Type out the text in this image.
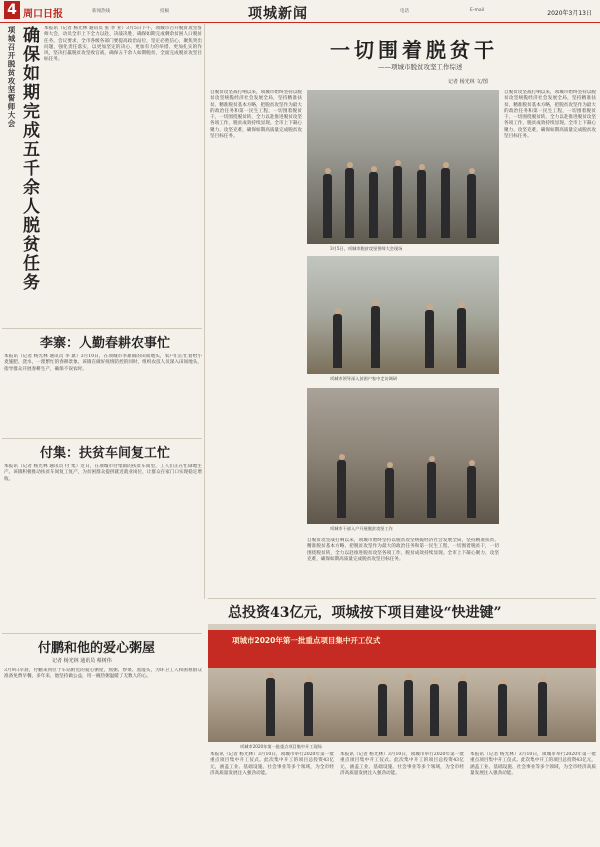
4 周口日报	新闻热线	投稿	项城新闻	电话	E-mail	2020年3月13日
项城召开脱贫攻坚誓师大会 确保如期完成五千余人脱贫任务	本报讯（记者 杨光林 通讯员 张 孝 亚）3月5日下午，项城市召开脱贫攻坚誓师大会，动员全市上下全力以赴、决战决胜，确保如期完成剩余贫困人口脱贫任务。会议要求，全市各级各部门要提高政治站位，坚定必胜信心，聚焦突出问题，强化责任落实，以更加坚定的决心、更加有力的举措、更加扎实的作风，坚决打赢脱贫攻坚收官战，确保五千余人如期脱贫，全面完成脱贫攻坚目标任务。
李寨：人勤春耕农事忙
本报讯（记者 杨光林 通讯员 李 寨）3月10日，在项城市李寨镇的田间地头，农户们正忙着给小麦施肥、浇水，一派繁忙的春耕景象。该镇在做好疫情防控的同时，组织农技人员深入田间地头，指导群众开展春耕生产，确保不误农时。
付集：扶贫车间复工忙
本报讯（记者 杨光林 通讯员 付 集）近日，在项城市付集镇的扶贫车间里，工人们正在忙碌地生产。该镇积极推动扶贫车间复工复产，为贫困群众提供就近就业岗位，让群众在家门口实现稳定增收。
付鹏和他的爱心粥屋
记者 杨光林 通讯员 蔡树伟
3月9日早晨，付鹏来到位于车站附近的爱心粥屋，熬粥、炒菜、蒸馒头，为环卫工人和困难群众准备免费早餐。多年来，他坚持做公益，用一碗热粥温暖了无数人的心。
一切围着脱贫干
——项城市脱贫攻坚工作综述
记者 杨光林 文/图
自脱贫攻坚战打响以来，项城市始终坚持以脱贫攻坚统揽经济社会发展全局，坚持精准扶贫、精准脱贫基本方略，把脱贫攻坚作为最大的政治任务和第一民生工程，一切围着脱贫干，一切围绕脱贫转，全力以赴推进脱贫攻坚各项工作，脱贫成效持续显现。全市上下凝心聚力、攻坚克难，确保如期高质量完成脱贫攻坚目标任务。
3月5日，项城市脱贫攻坚誓师大会现场
自脱贫攻坚战打响以来，项城市始终坚持以脱贫攻坚统揽经济社会发展全局，坚持精准扶贫、精准脱贫基本方略，把脱贫攻坚作为最大的政治任务和第一民生工程，一切围着脱贫干，一切围绕脱贫转，全力以赴推进脱贫攻坚各项工作，脱贫成效持续显现。全市上下凝心聚力、攻坚克难，确保如期高质量完成脱贫攻坚目标任务。
项城市领导深入贫困户家中走访调研
项城市干部入户开展脱贫攻坚工作
自脱贫攻坚战打响以来，项城市始终坚持以脱贫攻坚统揽经济社会发展全局，坚持精准扶贫、精准脱贫基本方略，把脱贫攻坚作为最大的政治任务和第一民生工程，一切围着脱贫干，一切围绕脱贫转，全力以赴推进脱贫攻坚各项工作，脱贫成效持续显现。全市上下凝心聚力、攻坚克难，确保如期高质量完成脱贫攻坚目标任务。
总投资43亿元，项城按下项目建设“快进键”
项城市2020年第一批重点项目集中开工仪式
项城市2020年第一批重点项目集中开工现场
本报讯（记者 杨光林）3月10日，项城市举行2020年第一批重点项目集中开工仪式。此次集中开工的项目总投资43亿元，涵盖工业、基础设施、社会事业等多个领域，为全市经济高质量发展注入强劲动能。
本报讯（记者 杨光林）3月10日，项城市举行2020年第一批重点项目集中开工仪式。此次集中开工的项目总投资43亿元，涵盖工业、基础设施、社会事业等多个领域，为全市经济高质量发展注入强劲动能。
本报讯（记者 杨光林）3月10日，项城市举行2020年第一批重点项目集中开工仪式。此次集中开工的项目总投资43亿元，涵盖工业、基础设施、社会事业等多个领域，为全市经济高质量发展注入强劲动能。
